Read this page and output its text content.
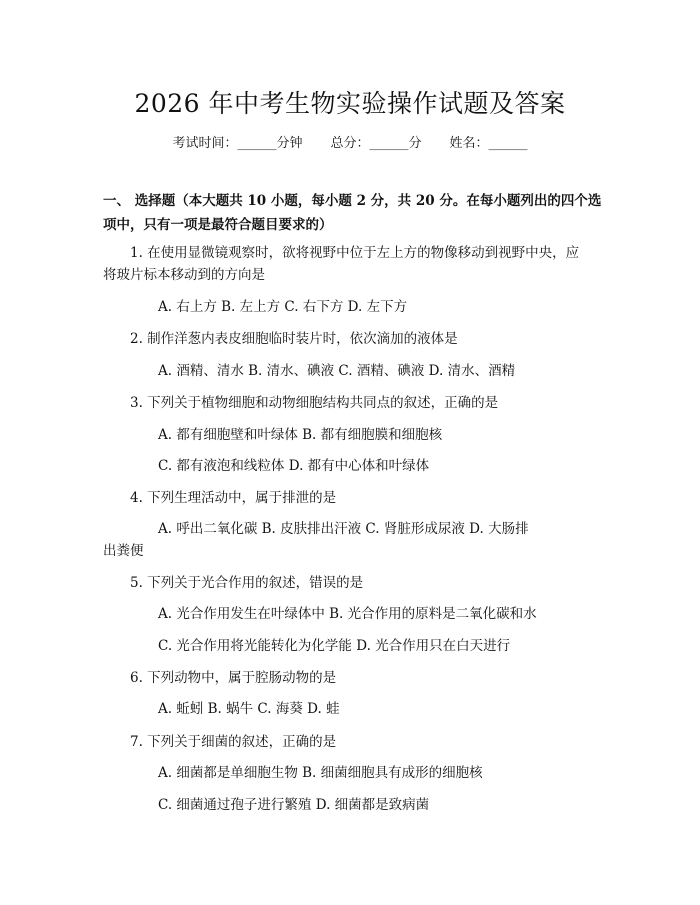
2026 年中考生物实验操作试题及答案
考试时间：______分钟 总分：______分 姓名：______
一、 选择题（本大题共 10 小题，每小题 2 分，共 20 分。在每小题列出的四个选项中，只有一项是最符合题目要求的）
1. 在使用显微镜观察时，欲将视野中位于左上方的物像移动到视野中央，应
将玻片标本移动到的方向是
A. 右上方 B. 左上方 C. 右下方 D. 左下方
2. 制作洋葱内表皮细胞临时装片时，依次滴加的液体是
A. 酒精、清水 B. 清水、碘液 C. 酒精、碘液 D. 清水、酒精
3. 下列关于植物细胞和动物细胞结构共同点的叙述，正确的是
A. 都有细胞壁和叶绿体 B. 都有细胞膜和细胞核
C. 都有液泡和线粒体 D. 都有中心体和叶绿体
4. 下列生理活动中，属于排泄的是
A. 呼出二氧化碳 B. 皮肤排出汗液 C. 肾脏形成尿液 D. 大肠排
出粪便
5. 下列关于光合作用的叙述，错误的是
A. 光合作用发生在叶绿体中 B. 光合作用的原料是二氧化碳和水
C. 光合作用将光能转化为化学能 D. 光合作用只在白天进行
6. 下列动物中，属于腔肠动物的是
A. 蚯蚓 B. 蜗牛 C. 海葵 D. 蛙
7. 下列关于细菌的叙述，正确的是
A. 细菌都是单细胞生物 B. 细菌细胞具有成形的细胞核
C. 细菌通过孢子进行繁殖 D. 细菌都是致病菌
